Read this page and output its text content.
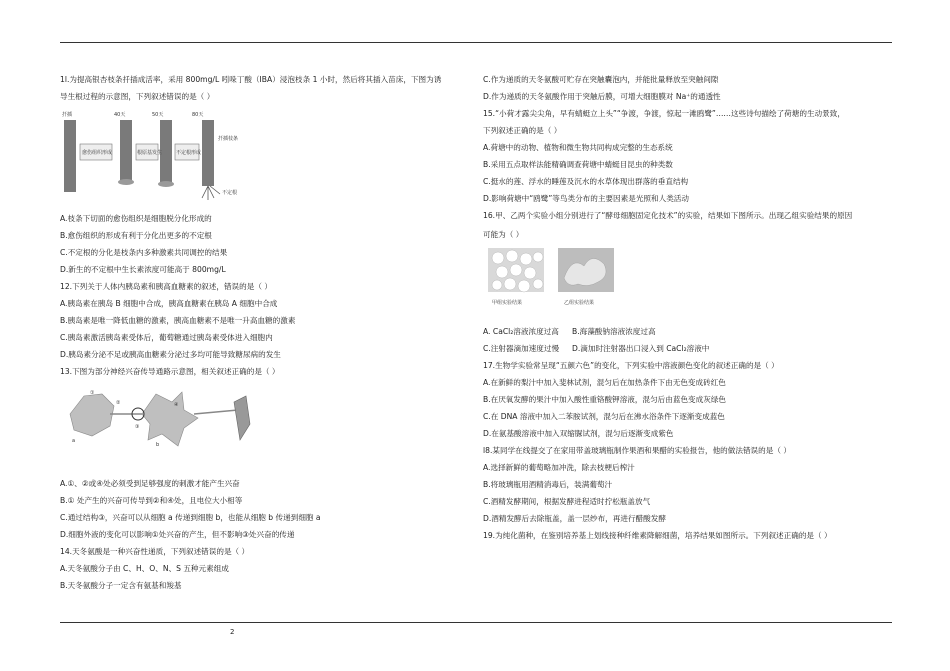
1l.为提高银杏枝条扦插成活率，采用 800mg/L 吲哚丁酸（IBA）浸泡枝条 1 小时，然后将其插入苗床，下图为诱
导生根过程的示意图，下列叙述错误的是（ ）
扦插	40天	50天	80天
愈伤组织形成	根原基发生	不定根形成
扦插枝条
不定根
A.枝条下切面的愈伤组织是细胞脱分化形成的
B.愈伤组织的形成有利于分化出更多的不定根
C.不定根的分化是枝条内多种激素共同调控的结果
D.新生的不定根中生长素浓度可能高于 800mg/L
12.下列关于人体内胰岛素和胰高血糖素的叙述，错误的是（ ）
A.胰岛素在胰岛 B 细胞中合成，胰高血糖素在胰岛 A 细胞中合成
B.胰岛素是唯一降低血糖的激素，胰高血糖素不是唯一升高血糖的激素
C.胰岛素激活胰岛素受体后，葡萄糖通过胰岛素受体进入细胞内
D.胰岛素分泌不足或胰高血糖素分泌过多均可能导致糖尿病的发生
13.下图为部分神经兴奋传导通路示意图，相关叙述正确的是（ ）
①
②
③
④
a
b
A.①、②或④处必须受到足够强度的刺激才能产生兴奋
B.① 处产生的兴奋可传导到②和④处，且电位大小相等
C.通过结构③，兴奋可以从细胞 a 传递到细胞 b，也能从细胞 b 传递到细胞 a
D.细胞外液的变化可以影响①处兴奋的产生，但不影响③处兴奋的传递
14.天冬氨酸是一种兴奋性递质，下列叙述错误的是（ ）
A.天冬氨酸分子由 C、H、O、N、S 五种元素组成
B.天冬氨酸分子一定含有氨基和羧基
C.作为递质的天冬氨酸可贮存在突触囊泡内，并能批量释放至突触间隙
D.作为递质的天冬氨酸作用于突触后膜，可增大细胞膜对 Na⁺的通透性
15.“小荷才露尖尖角，早有蜻蜓立上头”“争渡，争渡，惊起一滩鸥鹭”……这些诗句描绘了荷塘的生动景致，
下列叙述正确的是（ ）
A.荷塘中的动物、植物和微生物共同构成完整的生态系统
B.采用五点取样法能精确调查荷塘中蜻蜓目昆虫的种类数
C.挺水的莲、浮水的睡莲及沉水的水草体现出群落的垂直结构
D.影响荷塘中“鸥鹭”等鸟类分布的主要因素是光照和人类活动
16.甲、乙两个实验小组分别进行了“酵母细胞固定化技术”的实验，结果如下图所示。出现乙组实验结果的原因
可能为（ ）
甲组实验结果	乙组实验结果
A. CaCl₂溶液浓度过高 B.海藻酸钠溶液浓度过高
C.注射器滴加速度过慢 D.滴加时注射器出口浸入到 CaCl₂溶液中
17.生物学实验常呈现“五颜六色”的变化，下列实验中溶液颜色变化的叙述正确的是（ ）
A.在新鲜的梨汁中加入斐林试剂，混匀后在加热条件下由无色变成砖红色
B.在厌氧发酵的果汁中加入酸性重铬酸钾溶液，混匀后由蓝色变成灰绿色
C.在 DNA 溶液中加入二苯胺试剂，混匀后在沸水浴条件下逐渐变成蓝色
D.在氨基酸溶液中加入双缩脲试剂，混匀后逐渐变成紫色
l8.某同学在线提交了在家用带盖玻璃瓶制作果酒和果醋的实验报告，他的做法错误的是（ ）
A.选择新鲜的葡萄略加冲洗，除去枝梗后榨汁
B.将玻璃瓶用酒精消毒后，装满葡萄汁
C.酒精发酵期间，根据发酵进程适时拧松瓶盖放气
D.酒精发酵后去除瓶盖，盖一层纱布，再进行醋酸发酵
19.为纯化菌种，在鉴别培养基上划线接种纤维素降解细菌，培养结果如图所示。下列叙述正确的是（ ）
2
